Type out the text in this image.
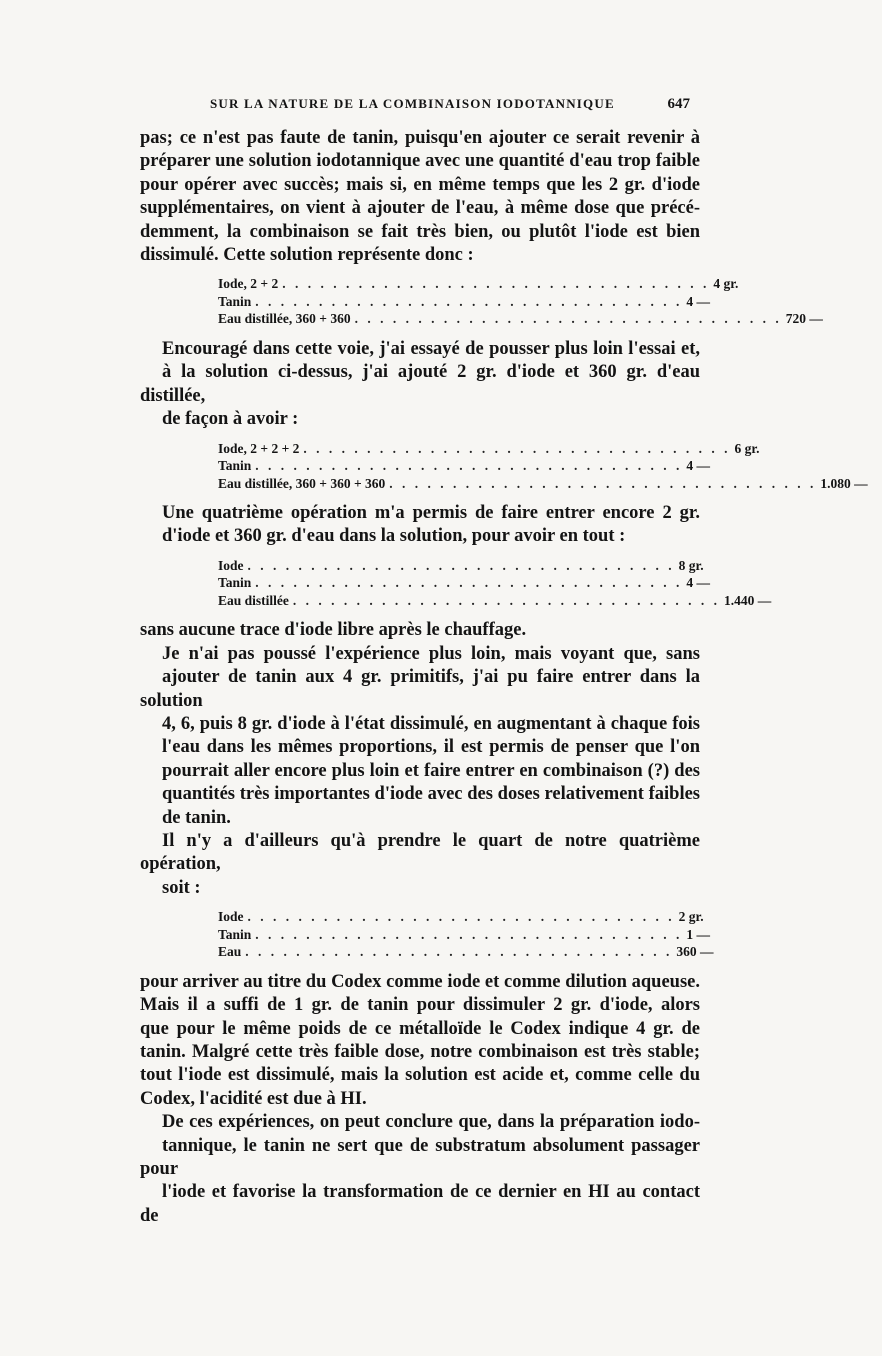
SUR LA NATURE DE LA COMBINAISON IODOTANNIQUE	647

pas; ce n'est pas faute de tanin, puisqu'en ajouter ce serait revenir à
préparer une solution iodotannique avec une quantité d'eau trop faible
pour opérer avec succès; mais si, en même temps que les 2 gr. d'iode
supplémentaires, on vient à ajouter de l'eau, à même dose que précé-
demment, la combinaison se fait très bien, ou plutôt l'iode est bien
dissimulé. Cette solution représente donc :

Iode, 2 + 2 . . . . . . . . . . . . . . . . . . . . . . . . . . . . . . . . . . 4 gr.
Tanin . . . . . . . . . . . . . . . . . . . . . . . . . . . . . . . . . . 4 —
Eau distillée, 360 + 360 . . . . . . . . . . . . . . . . . . . . . . . . . . . . . . . . . . 720 —

Encouragé dans cette voie, j'ai essayé de pousser plus loin l'essai et,
à la solution ci-dessus, j'ai ajouté 2 gr. d'iode et 360 gr. d'eau distillée,
de façon à avoir :

Iode, 2 + 2 + 2 . . . . . . . . . . . . . . . . . . . . . . . . . . . . . . . . . . 6 gr.
Tanin . . . . . . . . . . . . . . . . . . . . . . . . . . . . . . . . . . 4 —
Eau distillée, 360 + 360 + 360 . . . . . . . . . . . . . . . . . . . . . . . . . . . . . . . . . . 1.080 —

Une quatrième opération m'a permis de faire entrer encore 2 gr.
d'iode et 360 gr. d'eau dans la solution, pour avoir en tout :

Iode . . . . . . . . . . . . . . . . . . . . . . . . . . . . . . . . . . 8 gr.
Tanin . . . . . . . . . . . . . . . . . . . . . . . . . . . . . . . . . . 4 —
Eau distillée . . . . . . . . . . . . . . . . . . . . . . . . . . . . . . . . . . 1.440 —

sans aucune trace d'iode libre après le chauffage.

Je n'ai pas poussé l'expérience plus loin, mais voyant que, sans
ajouter de tanin aux 4 gr. primitifs, j'ai pu faire entrer dans la solution
4, 6, puis 8 gr. d'iode à l'état dissimulé, en augmentant à chaque fois
l'eau dans les mêmes proportions, il est permis de penser que l'on
pourrait aller encore plus loin et faire entrer en combinaison (?) des
quantités très importantes d'iode avec des doses relativement faibles
de tanin.

Il n'y a d'ailleurs qu'à prendre le quart de notre quatrième opération,
soit :

Iode . . . . . . . . . . . . . . . . . . . . . . . . . . . . . . . . . . 2 gr.
Tanin . . . . . . . . . . . . . . . . . . . . . . . . . . . . . . . . . . 1 —
Eau . . . . . . . . . . . . . . . . . . . . . . . . . . . . . . . . . . 360 —

pour arriver au titre du Codex comme iode et comme dilution aqueuse.
Mais il a suffi de 1 gr. de tanin pour dissimuler 2 gr. d'iode, alors
que pour le même poids de ce métalloïde le Codex indique 4 gr. de
tanin. Malgré cette très faible dose, notre combinaison est très stable;
tout l'iode est dissimulé, mais la solution est acide et, comme celle du
Codex, l'acidité est due à HI.

De ces expériences, on peut conclure que, dans la préparation iodo-
tannique, le tanin ne sert que de substratum absolument passager pour
l'iode et favorise la transformation de ce dernier en HI au contact de
